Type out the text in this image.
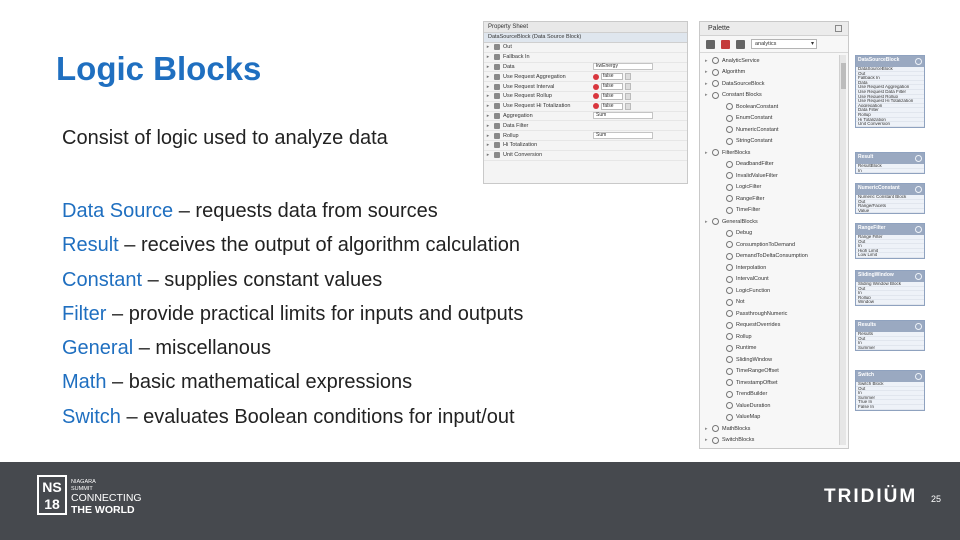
Logic Blocks
Consist of logic used to analyze data
Data Source – requests data from sources
Result – receives the output of algorithm calculation
Constant – supplies constant values
Filter – provide practical limits for inputs and outputs
General – miscellanous
Math – basic mathematical expressions
Switch – evaluates Boolean conditions for input/out
Property Sheet
DataSourceBlock (Data Source Block)
▸	Out
▸	Fallback In
▸	Data	kwEnergy
▸	Use Request Aggregation	false
▸	Use Request Interval	false
▸	Use Request Rollup	false
▸	Use Request Hi Totalization	false
▸	Aggregation	Sum
▸	Data Filter
▸	Rollup	Sum
▸	Hi Totalization
▸	Unit Conversion
Palette
analytics ▾
▸	AnalyticService
▸	Algorithm
▸	DataSourceBlock
▸	Constant Blocks
BooleanConstant
EnumConstant
NumericConstant
StringConstant
▸	FilterBlocks
DeadbandFilter
InvalidValueFilter
LogicFilter
RangeFilter
TimeFilter
▸	GeneralBlocks
Debug
ConsumptionToDemand
DemandToDeltaConsumption
Interpolation
IntervalCount
LogicFunction
Not
PassthroughNumeric
RequestOverrides
Rollup
Runtime
SlidingWindow
TimeRangeOffset
TimestampOffset
TrendBuilder
ValueDuration
ValueMap
▸	MathBlocks
▸	SwitchBlocks
DataSourceBlock
DataSourceBlock
Out
Fallback In
Data
Use Request Aggregation
Use Request Data Filter
Use Request Rollup
Use Request Hi Totalization
Aggregation
Data Filter
Rollup
Hi Totalization
Unit Conversion
Result
ResultBlock
In
NumericConstant
Numeric Constant Block
Out
Range/Facets
Value
RangeFilter
Range Filter
Out
In
High Limit
Low Limit
SlidingWindow
Sliding Window Block
Out
In
Rollup
Window
Results
Results
Out
In
Summer
Switch
Switch Block
Out
In
Summer
True In
False In
NS
18
NIAGARA
SUMMIT
CONNECTING
THE WORLD
TRIDIÜM 25
